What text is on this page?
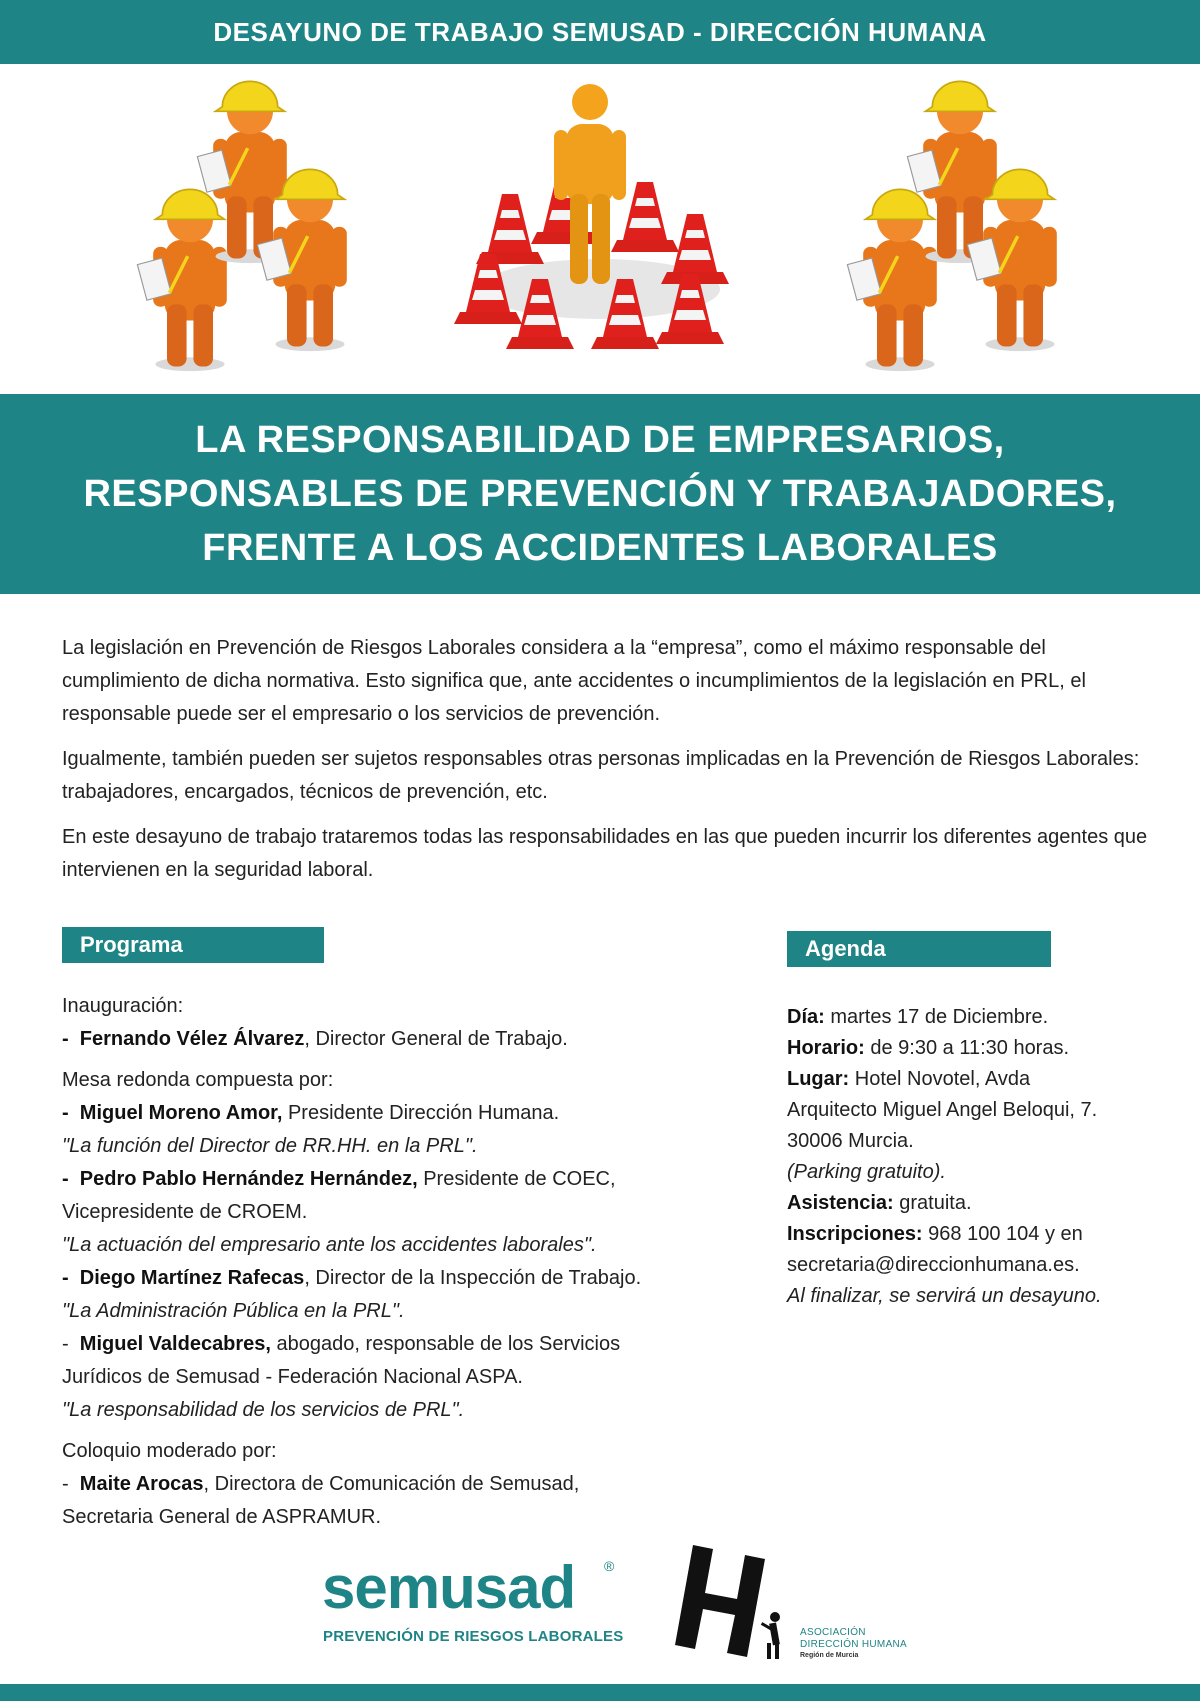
DESAYUNO DE TRABAJO SEMUSAD - DIRECCIÓN HUMANA
LA RESPONSABILIDAD DE EMPRESARIOS,
RESPONSABLES DE PREVENCIÓN Y TRABAJADORES,
FRENTE A LOS ACCIDENTES LABORALES

La legislación en Prevención de Riesgos Laborales considera a la “empresa”, como el máximo responsable del cumplimiento de dicha normativa. Esto significa que, ante accidentes o incumplimientos de la legislación en PRL, el responsable puede ser el empresario o los servicios de prevención.

Igualmente, también pueden ser sujetos responsables otras personas implicadas en la Prevención de Riesgos Laborales: trabajadores, encargados, técnicos de prevención, etc.

En este desayuno de trabajo trataremos todas las responsabilidades en las que pueden incurrir los diferentes agentes que intervienen en la seguridad laboral.

Programa
Inauguración:
- Fernando Vélez Álvarez, Director General de Trabajo.
Mesa redonda compuesta por:
- Miguel Moreno Amor, Presidente Dirección Humana.
"La función del Director de RR.HH. en la PRL".
- Pedro Pablo Hernández Hernández, Presidente de COEC,
Vicepresidente de CROEM.
"La actuación del empresario ante los accidentes laborales".
- Diego Martínez Rafecas, Director de la Inspección de Trabajo.
"La Administración Pública en la PRL".
- Miguel Valdecabres, abogado, responsable de los Servicios
Jurídicos de Semusad - Federación Nacional ASPA.
"La responsabilidad de los servicios de PRL".
Coloquio moderado por:
- Maite Arocas, Directora de Comunicación de Semusad,
Secretaria General de ASPRAMUR.
Agenda
Día: martes 17 de Diciembre.
Horario: de 9:30 a 11:30 horas.
Lugar: Hotel Novotel, Avda
Arquitecto Miguel Angel Beloqui, 7.
30006 Murcia.
(Parking gratuito).
Asistencia: gratuita.
Inscripciones: 968 100 104 y en
secretaria@direccionhumana.es.
Al finalizar, se servirá un desayuno.
semusad ®
PREVENCIÓN DE RIESGOS LABORALES	ASOCIACIÓN
DIRECCIÓN HUMANA
Región de Murcia
